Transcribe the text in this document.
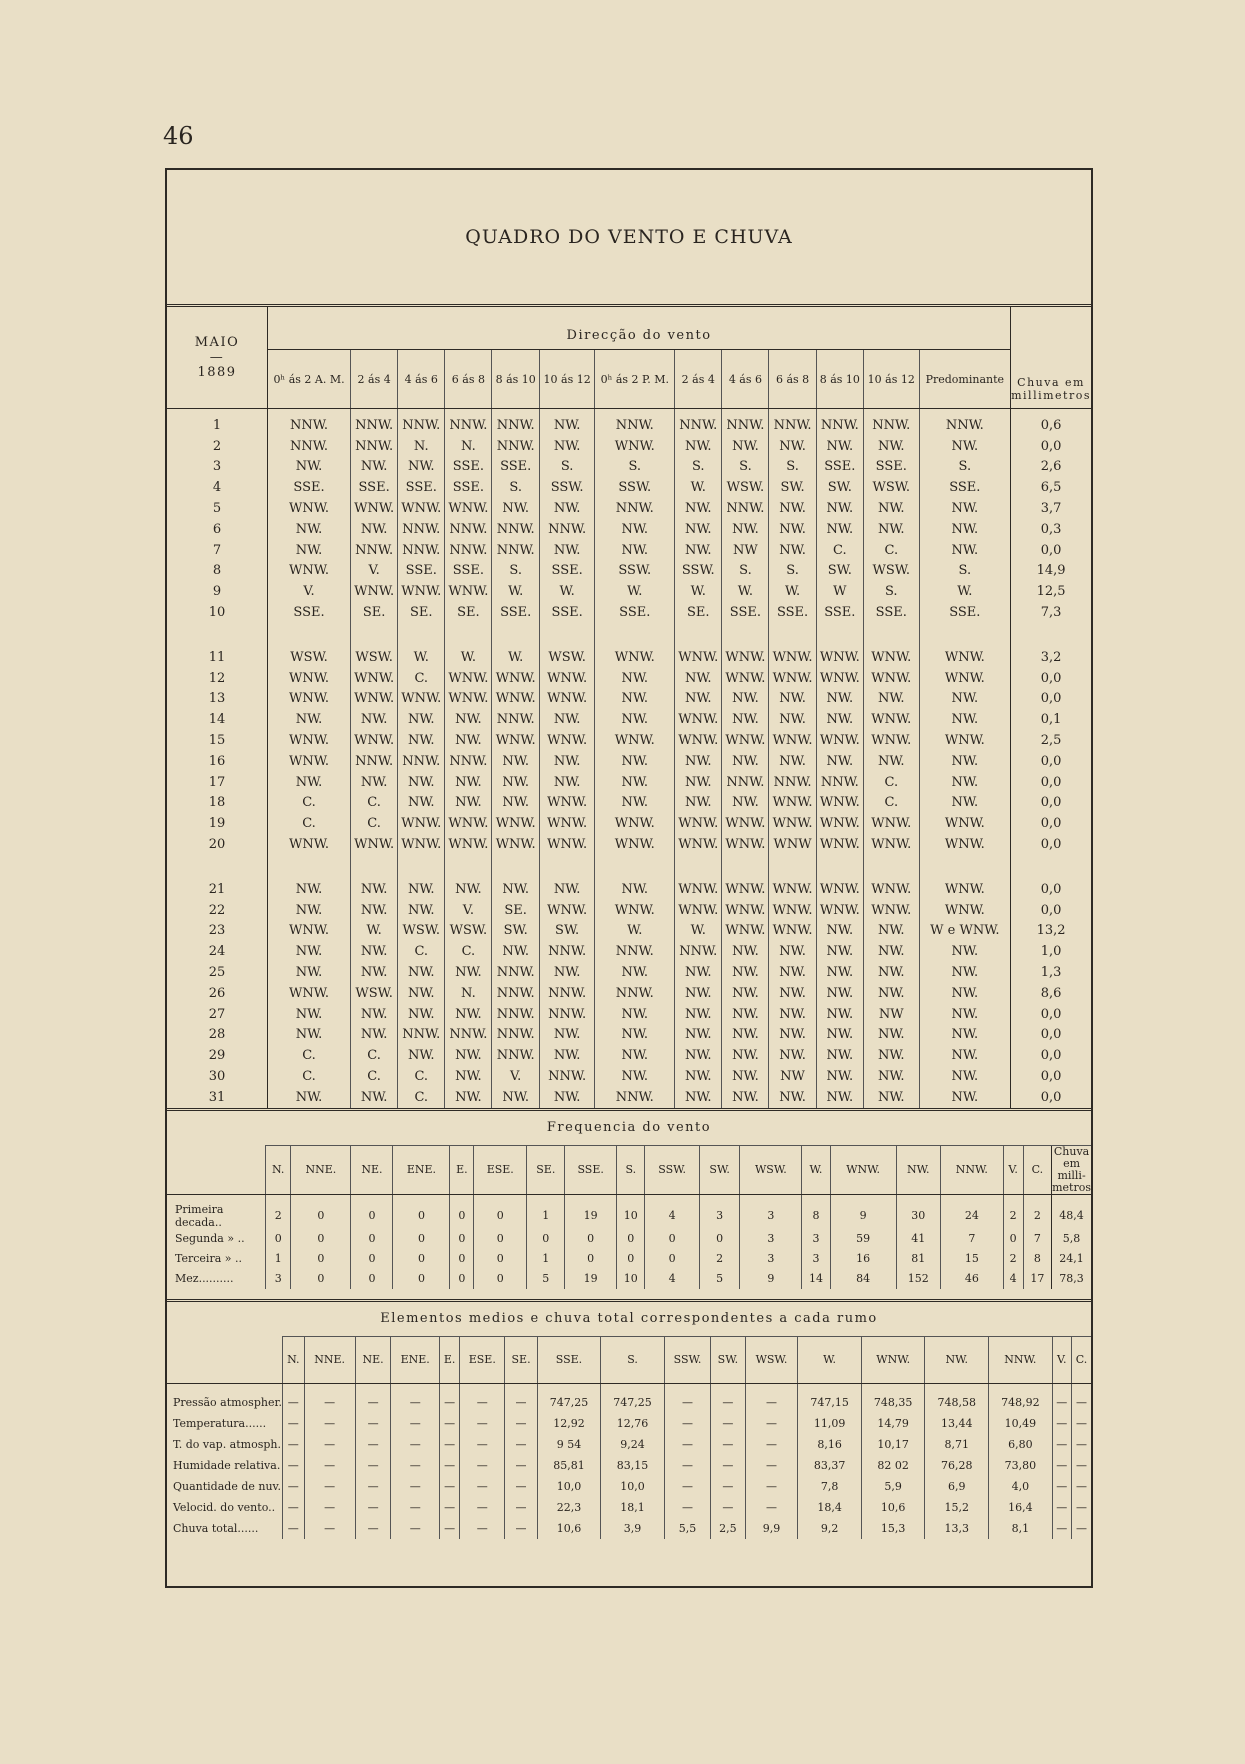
46
QUADRO DO VENTO E CHUVA
MAIO
—
1889	Direcção do vento													Chuva em millimetros
	0ʰ ás 2 A. M.	2 ás 4	4 ás 6	6 ás 8	8 ás 10	10 ás 12	0ʰ ás 2 P. M.	2 ás 4	4 ás 6	6 ás 8	8 ás 10	10 ás 12	Predominante	
1	NNW.	NNW.	NNW.	NNW.	NNW.	NW.	NNW.	NNW.	NNW.	NNW.	NNW.	NNW.	NNW.	0,6
2	NNW.	NNW.	N.	N.	NNW.	NW.	WNW.	NW.	NW.	NW.	NW.	NW.	NW.	0,0
3	NW.	NW.	NW.	SSE.	SSE.	S.	S.	S.	S.	S.	SSE.	SSE.	S.	2,6
4	SSE.	SSE.	SSE.	SSE.	S.	SSW.	SSW.	W.	WSW.	SW.	SW.	WSW.	SSE.	6,5
5	WNW.	WNW.	WNW.	WNW.	NW.	NW.	NNW.	NW.	NNW.	NW.	NW.	NW.	NW.	3,7
6	NW.	NW.	NNW.	NNW.	NNW.	NNW.	NW.	NW.	NW.	NW.	NW.	NW.	NW.	0,3
7	NW.	NNW.	NNW.	NNW.	NNW.	NW.	NW.	NW.	NW	NW.	C.	C.	NW.	0,0
8	WNW.	V.	SSE.	SSE.	S.	SSE.	SSW.	SSW.	S.	S.	SW.	WSW.	S.	14,9
9	V.	WNW.	WNW.	WNW.	W.	W.	W.	W.	W.	W.	W	S.	W.	12,5
10	SSE.	SE.	SE.	SE.	SSE.	SSE.	SSE.	SE.	SSE.	SSE.	SSE.	SSE.	SSE.	7,3

11	WSW.	WSW.	W.	W.	W.	WSW.	WNW.	WNW.	WNW.	WNW.	WNW.	WNW.	WNW.	3,2
12	WNW.	WNW.	C.	WNW.	WNW.	WNW.	NW.	NW.	WNW.	WNW.	WNW.	WNW.	WNW.	0,0
13	WNW.	WNW.	WNW.	WNW.	WNW.	WNW.	NW.	NW.	NW.	NW.	NW.	NW.	NW.	0,0
14	NW.	NW.	NW.	NW.	NNW.	NW.	NW.	WNW.	NW.	NW.	NW.	WNW.	NW.	0,1
15	WNW.	WNW.	NW.	NW.	WNW.	WNW.	WNW.	WNW.	WNW.	WNW.	WNW.	WNW.	WNW.	2,5
16	WNW.	NNW.	NNW.	NNW.	NW.	NW.	NW.	NW.	NW.	NW.	NW.	NW.	NW.	0,0
17	NW.	NW.	NW.	NW.	NW.	NW.	NW.	NW.	NNW.	NNW.	NNW.	C.	NW.	0,0
18	C.	C.	NW.	NW.	NW.	WNW.	NW.	NW.	NW.	WNW.	WNW.	C.	NW.	0,0
19	C.	C.	WNW.	WNW.	WNW.	WNW.	WNW.	WNW.	WNW.	WNW.	WNW.	WNW.	WNW.	0,0
20	WNW.	WNW.	WNW.	WNW.	WNW.	WNW.	WNW.	WNW.	WNW.	WNW	WNW.	WNW.	WNW.	0,0

21	NW.	NW.	NW.	NW.	NW.	NW.	NW.	WNW.	WNW.	WNW.	WNW.	WNW.	WNW.	0,0
22	NW.	NW.	NW.	V.	SE.	WNW.	WNW.	WNW.	WNW.	WNW.	WNW.	WNW.	WNW.	0,0
23	WNW.	W.	WSW.	WSW.	SW.	SW.	W.	W.	WNW.	WNW.	NW.	NW.	W e WNW.	13,2
24	NW.	NW.	C.	C.	NW.	NNW.	NNW.	NNW.	NW.	NW.	NW.	NW.	NW.	1,0
25	NW.	NW.	NW.	NW.	NNW.	NW.	NW.	NW.	NW.	NW.	NW.	NW.	NW.	1,3
26	WNW.	WSW.	NW.	N.	NNW.	NNW.	NNW.	NW.	NW.	NW.	NW.	NW.	NW.	8,6
27	NW.	NW.	NW.	NW.	NNW.	NNW.	NW.	NW.	NW.	NW.	NW.	NW	NW.	0,0
28	NW.	NW.	NNW.	NNW.	NNW.	NW.	NW.	NW.	NW.	NW.	NW.	NW.	NW.	0,0
29	C.	C.	NW.	NW.	NNW.	NW.	NW.	NW.	NW.	NW.	NW.	NW.	NW.	0,0
30	C.	C.	C.	NW.	V.	NNW.	NW.	NW.	NW.	NW	NW.	NW.	NW.	0,0
31	NW.	NW.	C.	NW.	NW.	NW.	NNW.	NW.	NW.	NW.	NW.	NW.	NW.	0,0
Frequencia do vento
	N.	NNE.	NE.	ENE.	E.	ESE.	SE.	SSE.	S.	SSW.	SW.	WSW.	W.	WNW.	NW.	NNW.	V.	C.	Chuva em milli-metros
Primeira decada..	2	0	0	0	0	0	1	19	10	4	3	3	8	9	30	24	2	2	48,4
Segunda » ..	0	0	0	0	0	0	0	0	0	0	0	3	3	59	41	7	0	7	5,8
Terceira » ..	1	0	0	0	0	0	1	0	0	0	2	3	3	16	81	15	2	8	24,1
Mez..........	3	0	0	0	0	0	5	19	10	4	5	9	14	84	152	46	4	17	78,3
Elementos medios e chuva total correspondentes a cada rumo
	N.	NNE.	NE.	ENE.	E.	ESE.	SE.	SSE.	S.	SSW.	SW.	WSW.	W.	WNW.	NW.	NNW.	V.	C.
Pressão atmospher.	—	—	—	—	—	—	—	747,25	747,25	—	—	—	747,15	748,35	748,58	748,92	—	—
Temperatura......	—	—	—	—	—	—	—	12,92	12,76	—	—	—	11,09	14,79	13,44	10,49	—	—
T. do vap. atmosph.	—	—	—	—	—	—	—	9 54	9,24	—	—	—	8,16	10,17	8,71	6,80	—	—
Humidade relativa.	—	—	—	—	—	—	—	85,81	83,15	—	—	—	83,37	82 02	76,28	73,80	—	—
Quantidade de nuv.	—	—	—	—	—	—	—	10,0	10,0	—	—	—	7,8	5,9	6,9	4,0	—	—
Velocid. do vento..	—	—	—	—	—	—	—	22,3	18,1	—	—	—	18,4	10,6	15,2	16,4	—	—
Chuva total......	—	—	—	—	—	—	—	10,6	3,9	5,5	2,5	9,9	9,2	15,3	13,3	8,1	—	—
